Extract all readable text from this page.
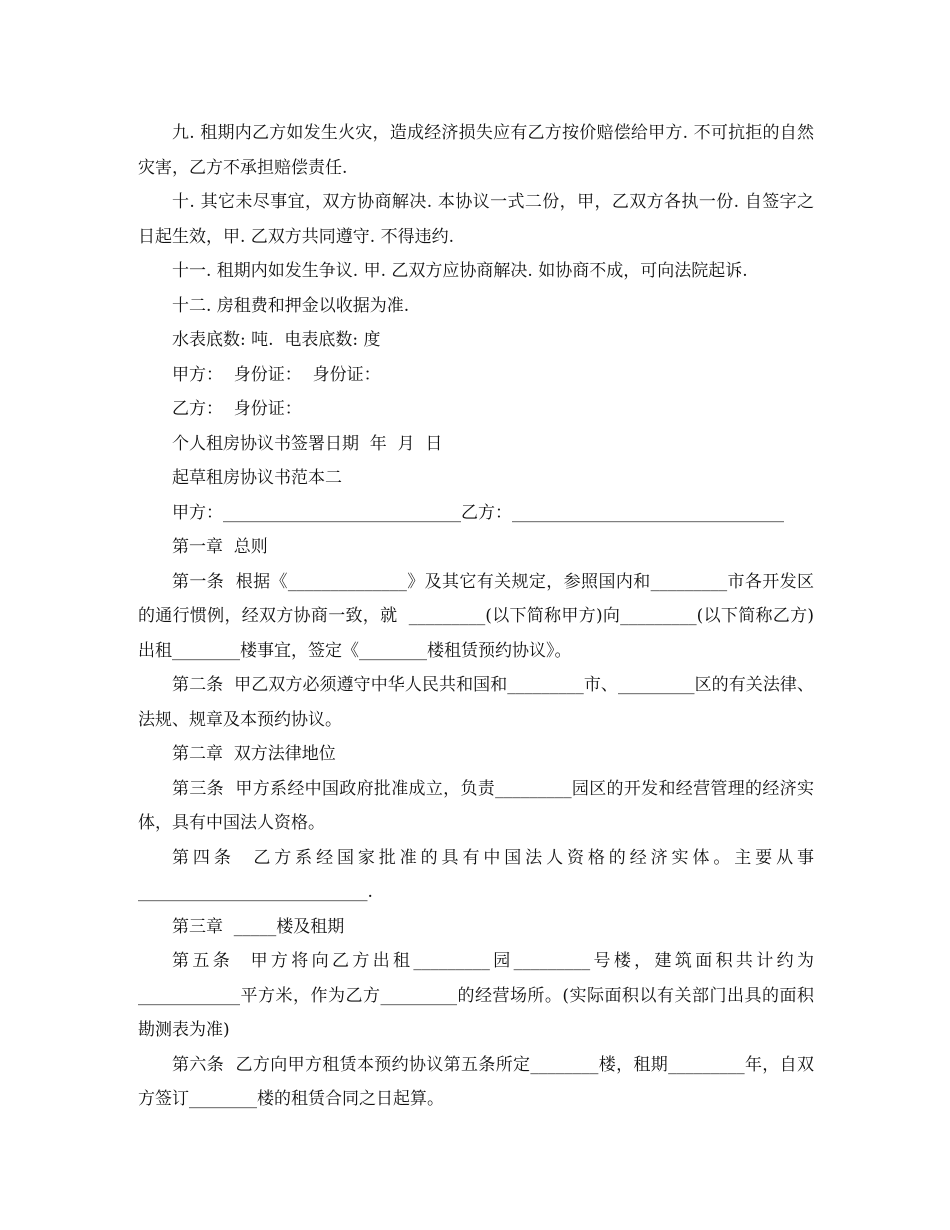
九. 租期内乙方如发生火灾，造成经济损失应有乙方按价赔偿给甲方. 不可抗拒的自然灾害，乙方不承担赔偿责任.

十. 其它未尽事宜，双方协商解决. 本协议一式二份，甲，乙双方各执一份. 自签字之日起生效，甲. 乙双方共同遵守. 不得违约.

十一. 租期内如发生争议. 甲. 乙双方应协商解决. 如协商不成，可向法院起诉.

十二. 房租费和押金以收据为准.

水表底数: 吨.  电表底数: 度

甲方：  身份证：  身份证：

乙方：  身份证：

个人租房协议书签署日期  年  月  日

起草租房协议书范本二

甲方：____________________________乙方：________________________________

第一章  总则

第一条  根据《______________》及其它有关规定，参照国内和_________市各开发区的通行惯例，经双方协商一致，就  _________(以下简称甲方)向_________(以下简称乙方)出租________楼事宜，签定《________楼租赁预约协议》。

第二条  甲乙双方必须遵守中华人民共和国和_________市、_________区的有关法律、法规、规章及本预约协议。

第二章  双方法律地位

第三条  甲方系经中国政府批准成立，负责_________园区的开发和经营管理的经济实体，具有中国法人资格。

第四条  乙方系经国家批准的具有中国法人资格的经济实体。主要从事___________________________.

第三章  _____楼及租期

第五条  甲方将向乙方出租_________园_________号楼，建筑面积共计约为____________平方米，作为乙方_________的经营场所。(实际面积以有关部门出具的面积勘测表为准)

第六条  乙方向甲方租赁本预约协议第五条所定________楼，租期_________年，自双方签订________楼的租赁合同之日起算。
